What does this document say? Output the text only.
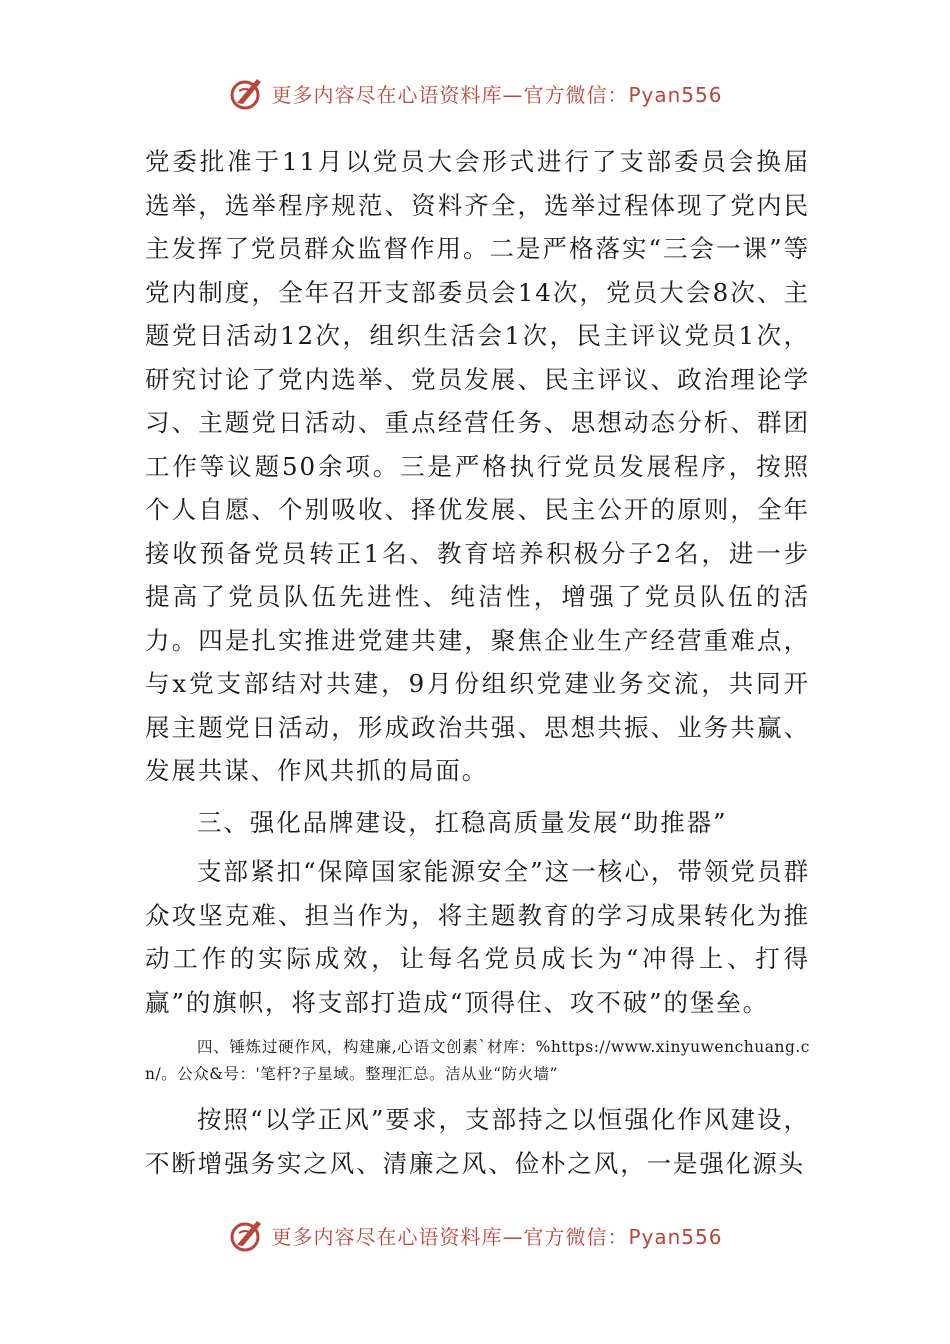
更多内容尽在心语资料库—官方微信：Pyan556

党委批准于11月以党员大会形式进行了支部委员会换届选举，选举程序规范、资料齐全，选举过程体现了党内民主发挥了党员群众监督作用。二是严格落实“三会一课”等党内制度，全年召开支部委员会14次，党员大会8次、主题党日活动12次，组织生活会1次，民主评议党员1次，研究讨论了党内选举、党员发展、民主评议、政治理论学习、主题党日活动、重点经营任务、思想动态分析、群团工作等议题50余项。三是严格执行党员发展程序，按照个人自愿、个别吸收、择优发展、民主公开的原则，全年接收预备党员转正1名、教育培养积极分子2名，进一步提高了党员队伍先进性、纯洁性，增强了党员队伍的活力。四是扎实推进党建共建，聚焦企业生产经营重难点，与x党支部结对共建，9月份组织党建业务交流，共同开展主题党日活动，形成政治共强、思想共振、业务共赢、发展共谋、作风共抓的局面。

三、强化品牌建设，扛稳高质量发展“助推器”

支部紧扣“保障国家能源安全”这一核心，带领党员群众攻坚克难、担当作为，将主题教育的学习成果转化为推动工作的实际成效，让每名党员成长为“冲得上、打得赢”的旗帜，将支部打造成“顶得住、攻不破”的堡垒。

四、锤炼过硬作风，构建廉,心语文创素`材库：%https://www.xinyuwenchuang.cn/。公众&号：'笔杆?子星域。整理汇总。洁从业“防火墙”

按照“以学正风”要求，支部持之以恒强化作风建设，不断增强务实之风、清廉之风、俭朴之风，一是强化源头

更多内容尽在心语资料库—官方微信：Pyan556
